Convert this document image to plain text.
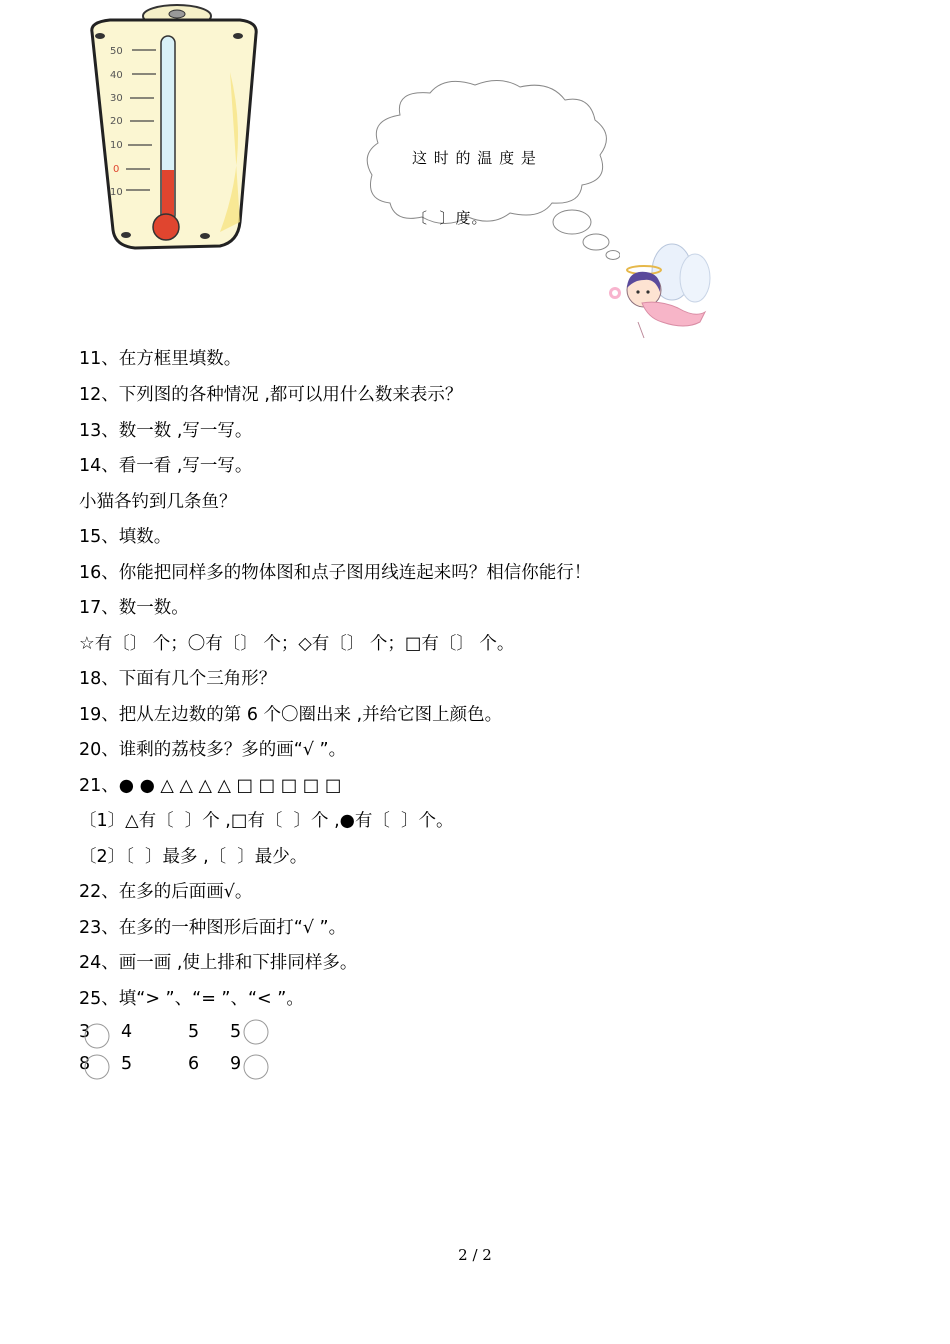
50
40
30
20
10
0
10

这 时 的 温 度 是

〔  〕度。

11、在方框里填数。
12、下列图的各种情况 ,都可以用什么数来表示？
13、数一数 ,写一写。
14、看一看 ,写一写。
小猫各钓到几条鱼？
15、填数。
16、你能把同样多的物体图和点子图用线连起来吗？相信你能行！
17、数一数。
☆有〔〕 个；〇有〔〕 个；◇有〔〕 个；□有〔〕 个。
18、下面有几个三角形？
19、把从左边数的第 6 个〇圈出来 ,并给它图上颜色。
20、谁剩的荔枝多？多的画“√ ”。
21、● ● △ △ △ △ □ □ □ □ □
〔1〕△有〔  〕个 ,□有〔  〕个 ,●有〔  〕个。
〔2〕〔  〕最多 ,〔  〕最少。
22、在多的后面画√。
23、在多的一种图形后面打“√ ”。
24、画一画 ,使上排和下排同样多。
25、填“> ”、“= ”、“< ”。
3 4	5 5
8 5	6 9
2 / 2
